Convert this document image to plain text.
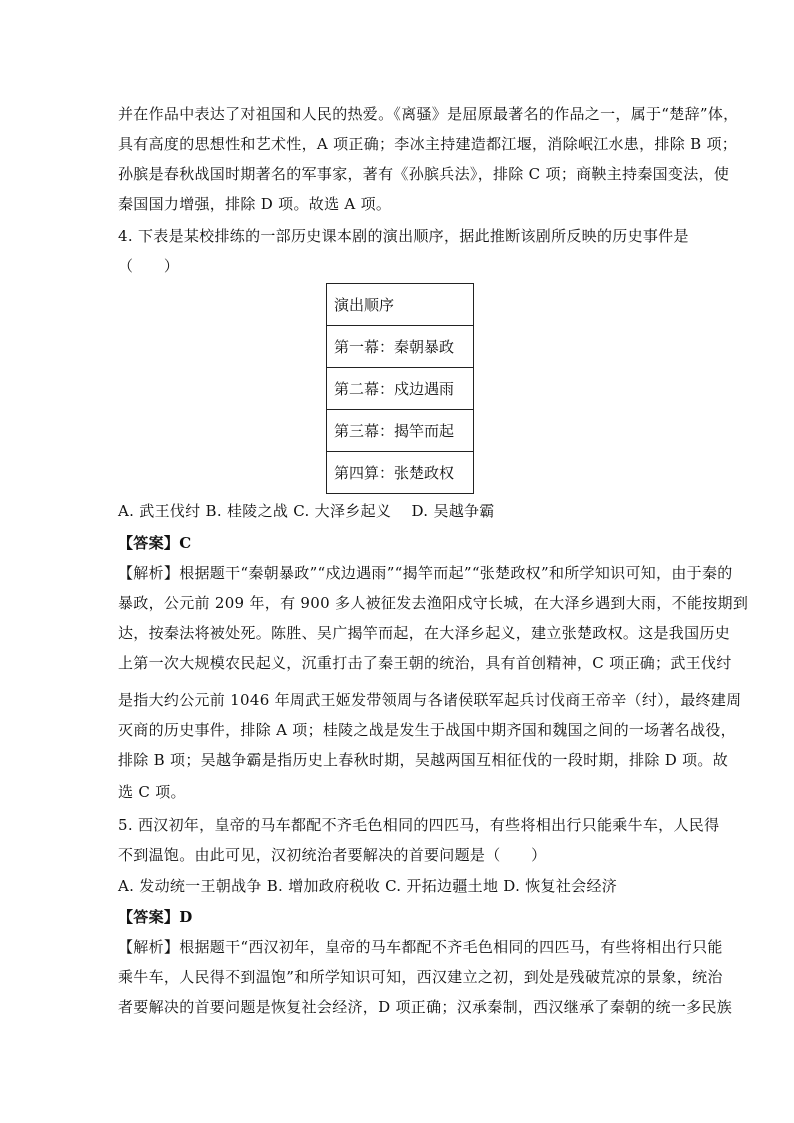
并在作品中表达了对祖国和人民的热爱。《离骚》是屈原最著名的作品之一，属于“楚辞”体，
具有高度的思想性和艺术性，A 项正确；李冰主持建造都江堰，消除岷江水患，排除 B 项；
孙膑是春秋战国时期著名的军事家，著有《孙膑兵法》，排除 C 项；商鞅主持秦国变法，使
秦国国力增强，排除 D 项。故选 A 项。
4. 下表是某校排练的一部历史课本剧的演出顺序，据此推断该剧所反映的历史事件是
（　　）
演出顺序
第一幕：秦朝暴政
第二幕：戍边遇雨
第三幕：揭竿而起
第四算：张楚政权
A. 武王伐纣 B. 桂陵之战 C. 大泽乡起义　 D. 吴越争霸
【答案】C
【解析】根据题干“秦朝暴政”“戍边遇雨”“揭竿而起”“张楚政权”和所学知识可知，由于秦的
暴政，公元前 209 年，有 900 多人被征发去渔阳戍守长城，在大泽乡遇到大雨，不能按期到
达，按秦法将被处死。陈胜、吴广揭竿而起，在大泽乡起义，建立张楚政权。这是我国历史
上第一次大规模农民起义，沉重打击了秦王朝的统治，具有首创精神，C 项正确；武王伐纣
是指大约公元前 1046 年周武王姬发带领周与各诸侯联军起兵讨伐商王帝辛（纣），最终建周
灭商的历史事件，排除 A 项；桂陵之战是发生于战国中期齐国和魏国之间的一场著名战役，
排除 B 项；吴越争霸是指历史上春秋时期，吴越两国互相征伐的一段时期，排除 D 项。故
选 C 项。
5. 西汉初年，皇帝的马车都配不齐毛色相同的四匹马，有些将相出行只能乘牛车，人民得
不到温饱。由此可见，汉初统治者要解决的首要问题是（　　）
A. 发动统一王朝战争 B. 增加政府税收 C. 开拓边疆土地 D. 恢复社会经济
【答案】D
【解析】根据题干“西汉初年，皇帝的马车都配不齐毛色相同的四匹马，有些将相出行只能
乘牛车，人民得不到温饱”和所学知识可知，西汉建立之初，到处是残破荒凉的景象，统治
者要解决的首要问题是恢复社会经济，D 项正确；汉承秦制，西汉继承了秦朝的统一多民族
